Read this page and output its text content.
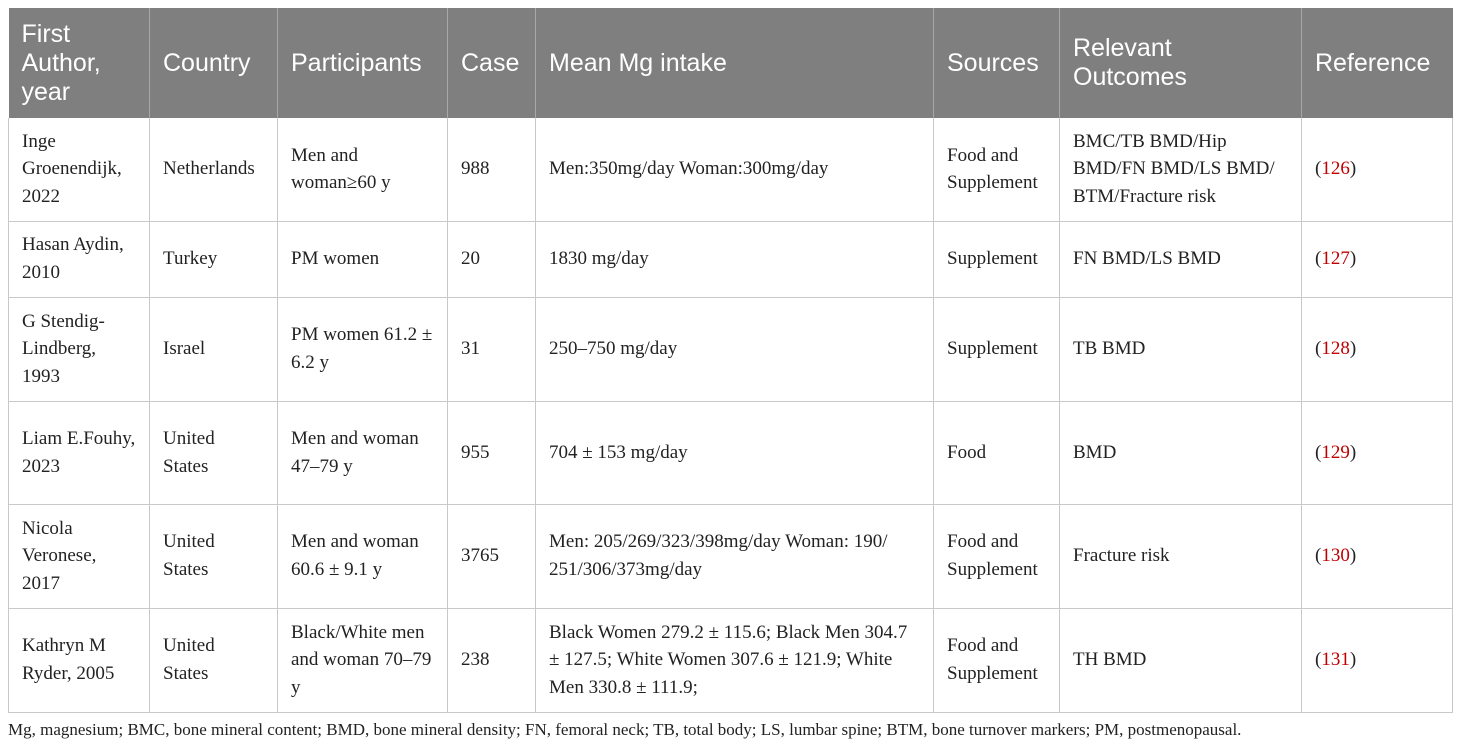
First Author, year	Country	Participants	Case	Mean Mg intake	Sources	Relevant Outcomes	Reference
Inge Groenendijk, 2022	Netherlands	Men and woman≥60 y	988	Men:350mg/day Woman:300mg/day	Food and Supplement	BMC/TB BMD/Hip BMD/FN BMD/LS BMD/ BTM/Fracture risk	(126)
Hasan Aydin, 2010	Turkey	PM women	20	1830 mg/day	Supplement	FN BMD/LS BMD	(127)
G Stendig-Lindberg, 1993	Israel	PM women 61.2 ± 6.2 y	31	250–750 mg/day	Supplement	TB BMD	(128)
Liam E.Fouhy, 2023	United States	Men and woman 47–79 y	955	704 ± 153 mg/day	Food	BMD	(129)
Nicola Veronese, 2017	United States	Men and woman 60.6 ± 9.1 y	3765	Men: 205/269/323/398mg/day Woman: 190/ 251/306/373mg/day	Food and Supplement	Fracture risk	(130)
Kathryn M Ryder, 2005	United States	Black/White men and woman 70–79 y	238	Black Women 279.2 ± 115.6; Black Men 304.7 ± 127.5; White Women 307.6 ± 121.9; White Men 330.8 ± 111.9;	Food and Supplement	TH BMD	(131)
Mg, magnesium; BMC, bone mineral content; BMD, bone mineral density; FN, femoral neck; TB, total body; LS, lumbar spine; BTM, bone turnover markers; PM, postmenopausal.
